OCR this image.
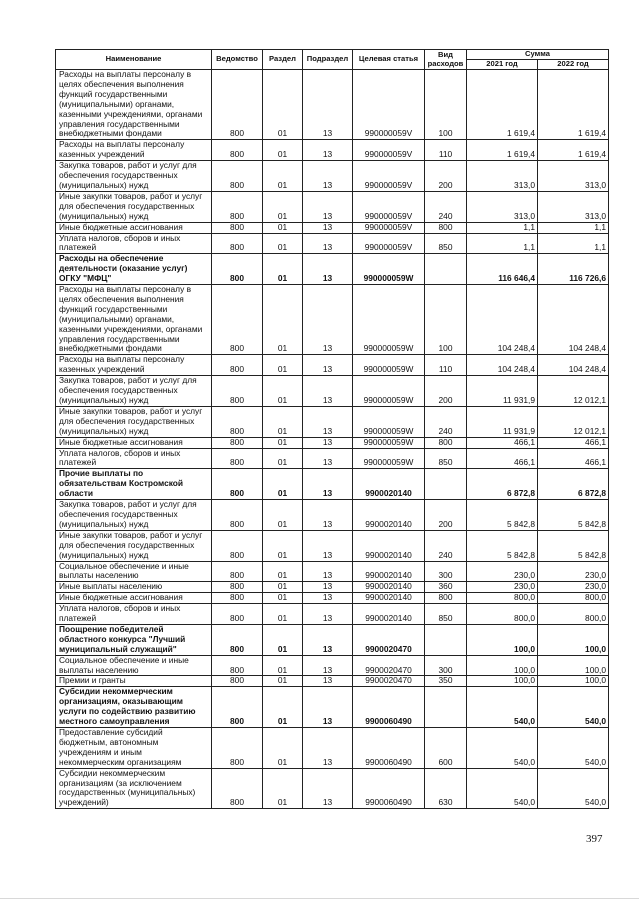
Наименование	Ведомство	Раздел	Подраздел	Целевая статья	Вид расходов	Сумма	
						2021 год	2022 год
Расходы на выплаты персоналу в целях обеспечения выполнения функций государственными (муниципальными) органами, казенными учреждениями, органами управления государственными внебюджетными фондами	800	01	13	990000059V	100	1 619,4	1 619,4
Расходы на выплаты персоналу казенных учреждений	800	01	13	990000059V	110	1 619,4	1 619,4
Закупка товаров, работ и услуг для обеспечения государственных (муниципальных) нужд	800	01	13	990000059V	200	313,0	313,0
Иные закупки товаров, работ и услуг для обеспечения государственных (муниципальных) нужд	800	01	13	990000059V	240	313,0	313,0
Иные бюджетные ассигнования	800	01	13	990000059V	800	1,1	1,1
Уплата налогов, сборов и иных платежей	800	01	13	990000059V	850	1,1	1,1
Расходы на обеспечение деятельности (оказание услуг) ОГКУ "МФЦ"	800	01	13	990000059W		116 646,4	116 726,6
Расходы на выплаты персоналу в целях обеспечения выполнения функций государственными (муниципальными) органами, казенными учреждениями, органами управления государственными внебюджетными фондами	800	01	13	990000059W	100	104 248,4	104 248,4
Расходы на выплаты персоналу казенных учреждений	800	01	13	990000059W	110	104 248,4	104 248,4
Закупка товаров, работ и услуг для обеспечения государственных (муниципальных) нужд	800	01	13	990000059W	200	11 931,9	12 012,1
Иные закупки товаров, работ и услуг для обеспечения государственных (муниципальных) нужд	800	01	13	990000059W	240	11 931,9	12 012,1
Иные бюджетные ассигнования	800	01	13	990000059W	800	466,1	466,1
Уплата налогов, сборов и иных платежей	800	01	13	990000059W	850	466,1	466,1
Прочие выплаты по обязательствам Костромской области	800	01	13	9900020140		6 872,8	6 872,8
Закупка товаров, работ и услуг для обеспечения государственных (муниципальных) нужд	800	01	13	9900020140	200	5 842,8	5 842,8
Иные закупки товаров, работ и услуг для обеспечения государственных (муниципальных) нужд	800	01	13	9900020140	240	5 842,8	5 842,8
Социальное обеспечение и иные выплаты населению	800	01	13	9900020140	300	230,0	230,0
Иные выплаты населению	800	01	13	9900020140	360	230,0	230,0
Иные бюджетные ассигнования	800	01	13	9900020140	800	800,0	800,0
Уплата налогов, сборов и иных платежей	800	01	13	9900020140	850	800,0	800,0
Поощрение победителей областного конкурса "Лучший муниципальный служащий"	800	01	13	9900020470		100,0	100,0
Социальное обеспечение и иные выплаты населению	800	01	13	9900020470	300	100,0	100,0
Премии и гранты	800	01	13	9900020470	350	100,0	100,0
Субсидии некоммерческим организациям, оказывающим услуги по содействию развитию местного самоуправления	800	01	13	9900060490		540,0	540,0
Предоставление субсидий бюджетным, автономным учреждениям и иным некоммерческим организациям	800	01	13	9900060490	600	540,0	540,0
Субсидии некоммерческим организациям (за исключением государственных (муниципальных) учреждений)	800	01	13	9900060490	630	540,0	540,0
397
